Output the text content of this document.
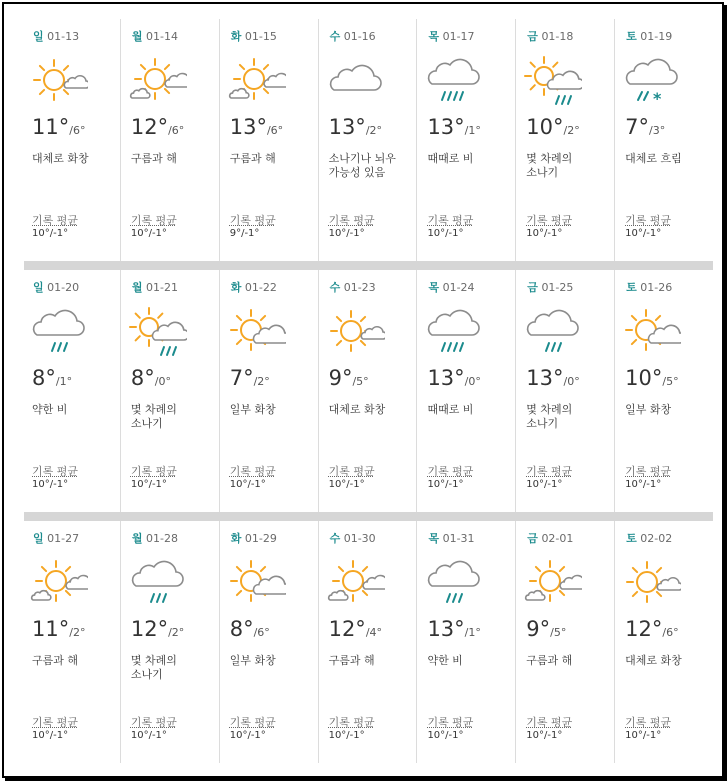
일 01-13
11°/6°
대체로 화창
기록 평균
10°/-1°
월 01-14
12°/6°
구름과 해
기록 평균
10°/-1°
화 01-15
13°/6°
구름과 해
기록 평균
9°/-1°
수 01-16
13°/2°
소나기나 뇌우 가능성 있음
기록 평균
10°/-1°
목 01-17
13°/1°
때때로 비
기록 평균
10°/-1°
금 01-18
10°/2°
몇 차례의 소나기
기록 평균
10°/-1°
토 01-19
*
7°/3°
대체로 흐림
기록 평균
10°/-1°
일 01-20
8°/1°
약한 비
기록 평균
10°/-1°
월 01-21
8°/0°
몇 차례의 소나기
기록 평균
10°/-1°
화 01-22
7°/2°
일부 화창
기록 평균
10°/-1°
수 01-23
9°/5°
대체로 화창
기록 평균
10°/-1°
목 01-24
13°/0°
때때로 비
기록 평균
10°/-1°
금 01-25
13°/0°
몇 차례의 소나기
기록 평균
10°/-1°
토 01-26
10°/5°
일부 화창
기록 평균
10°/-1°
일 01-27
11°/2°
구름과 해
기록 평균
10°/-1°
월 01-28
12°/2°
몇 차례의 소나기
기록 평균
10°/-1°
화 01-29
8°/6°
일부 화창
기록 평균
10°/-1°
수 01-30
12°/4°
구름과 해
기록 평균
10°/-1°
목 01-31
13°/1°
약한 비
기록 평균
10°/-1°
금 02-01
9°/5°
구름과 해
기록 평균
10°/-1°
토 02-02
12°/6°
대체로 화창
기록 평균
10°/-1°
